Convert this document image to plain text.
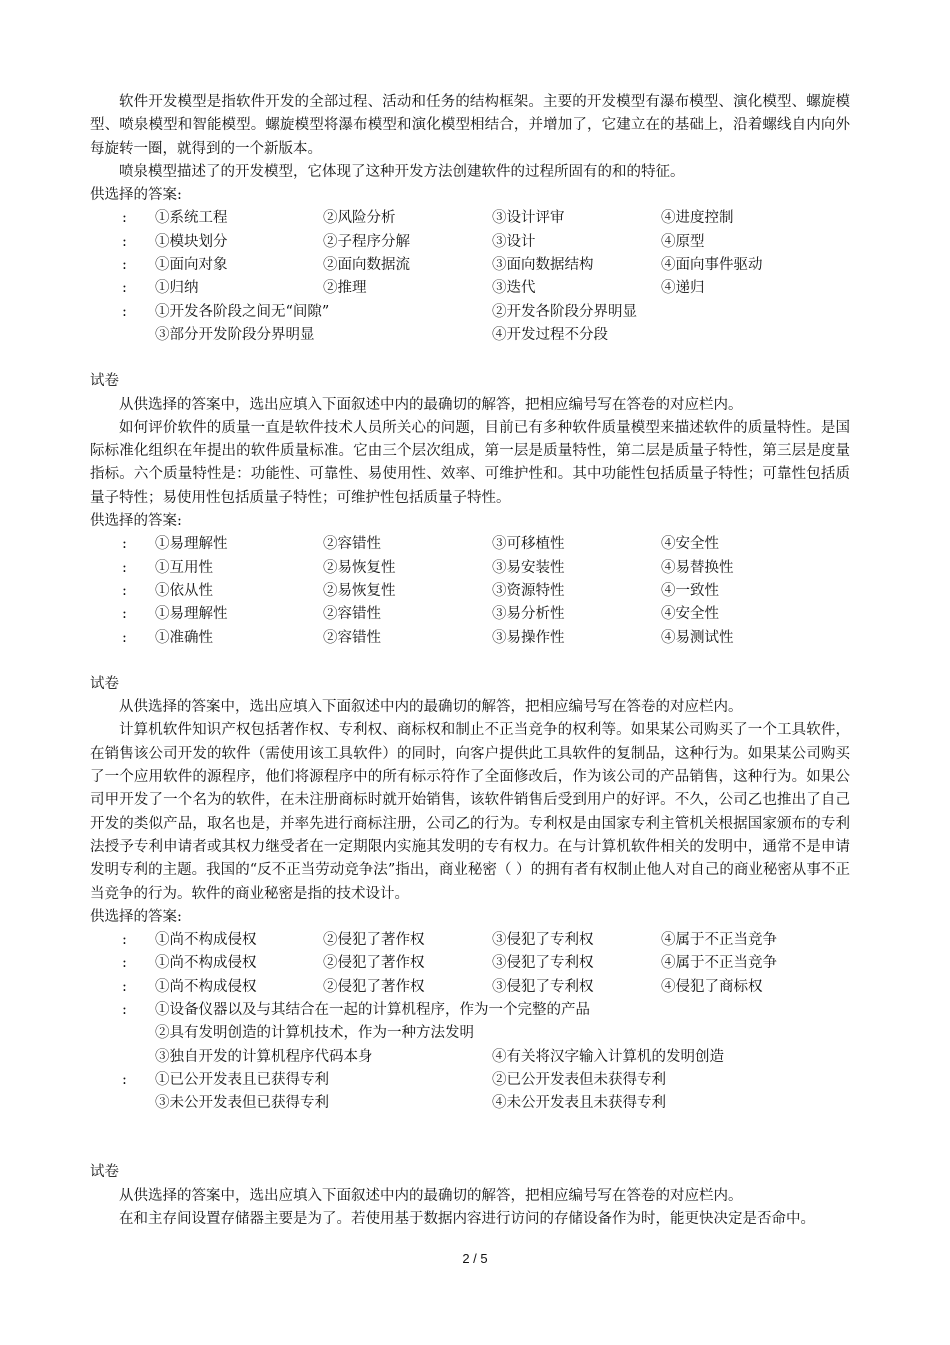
软件开发模型是指软件开发的全部过程、活动和任务的结构框架。主要的开发模型有瀑布模型、演化模型、螺旋模型、喷泉模型和智能模型。螺旋模型将瀑布模型和演化模型相结合，并增加了，它建立在的基础上，沿着螺线自内向外每旋转一圈，就得到的一个新版本。

喷泉模型描述了的开发模型，它体现了这种开发方法创建软件的过程所固有的和的特征。

供选择的答案:
: ①系统工程	②风险分析	③设计评审	④进度控制
: ①模块划分	②子程序分解	③设计	④原型
: ①面向对象	②面向数据流	③面向数据结构	④面向事件驱动
: ①归纳	②推理	③迭代	④递归
: ①开发各阶段之间无“间隙”	②开发各阶段分界明显
③部分开发阶段分界明显	④开发过程不分段
试卷

从供选择的答案中，选出应填入下面叙述中内的最确切的解答，把相应编号写在答卷的对应栏内。

如何评价软件的质量一直是软件技术人员所关心的问题，目前已有多种软件质量模型来描述软件的质量特性。是国际标准化组织在年提出的软件质量标准。它由三个层次组成，第一层是质量特性，第二层是质量子特性，第三层是度量指标。六个质量特性是：功能性、可靠性、易使用性、效率、可维护性和。其中功能性包括质量子特性；可靠性包括质量子特性；易使用性包括质量子特性；可维护性包括质量子特性。

供选择的答案:
: ①易理解性	②容错性	③可移植性	④安全性
: ①互用性	②易恢复性	③易安装性	④易替换性
: ①依从性	②易恢复性	③资源特性	④一致性
: ①易理解性	②容错性	③易分析性	④安全性
: ①准确性	②容错性	③易操作性	④易测试性
试卷

从供选择的答案中，选出应填入下面叙述中内的最确切的解答，把相应编号写在答卷的对应栏内。

计算机软件知识产权包括著作权、专利权、商标权和制止不正当竞争的权利等。如果某公司购买了一个工具软件，在销售该公司开发的软件（需使用该工具软件）的同时，向客户提供此工具软件的复制品，这种行为。如果某公司购买了一个应用软件的源程序，他们将源程序中的所有标示符作了全面修改后，作为该公司的产品销售，这种行为。如果公司甲开发了一个名为的软件，在未注册商标时就开始销售，该软件销售后受到用户的好评。不久，公司乙也推出了自己开发的类似产品，取名也是，并率先进行商标注册，公司乙的行为。专利权是由国家专利主管机关根据国家颁布的专利法授予专利申请者或其权力继受者在一定期限内实施其发明的专有权力。在与计算机软件相关的发明中，通常不是申请发明专利的主题。我国的“反不正当劳动竞争法”指出，商业秘密（ ）的拥有者有权制止他人对自己的商业秘密从事不正当竞争的行为。软件的商业秘密是指的技术设计。

供选择的答案:
: ①尚不构成侵权	②侵犯了著作权	③侵犯了专利权	④属于不正当竞争
: ①尚不构成侵权	②侵犯了著作权	③侵犯了专利权	④属于不正当竞争
: ①尚不构成侵权	②侵犯了著作权	③侵犯了专利权	④侵犯了商标权
: ①设备仪器以及与其结合在一起的计算机程序，作为一个完整的产品
②具有发明创造的计算机技术，作为一种方法发明
③独自开发的计算机程序代码本身	④有关将汉字输入计算机的发明创造
: ①已公开发表且已获得专利	②已公开发表但未获得专利
③未公开发表但已获得专利	④未公开发表且未获得专利
试卷

从供选择的答案中，选出应填入下面叙述中内的最确切的解答，把相应编号写在答卷的对应栏内。

在和主存间设置存储器主要是为了。若使用基于数据内容进行访问的存储设备作为时，能更快决定是否命中。

2 / 5
